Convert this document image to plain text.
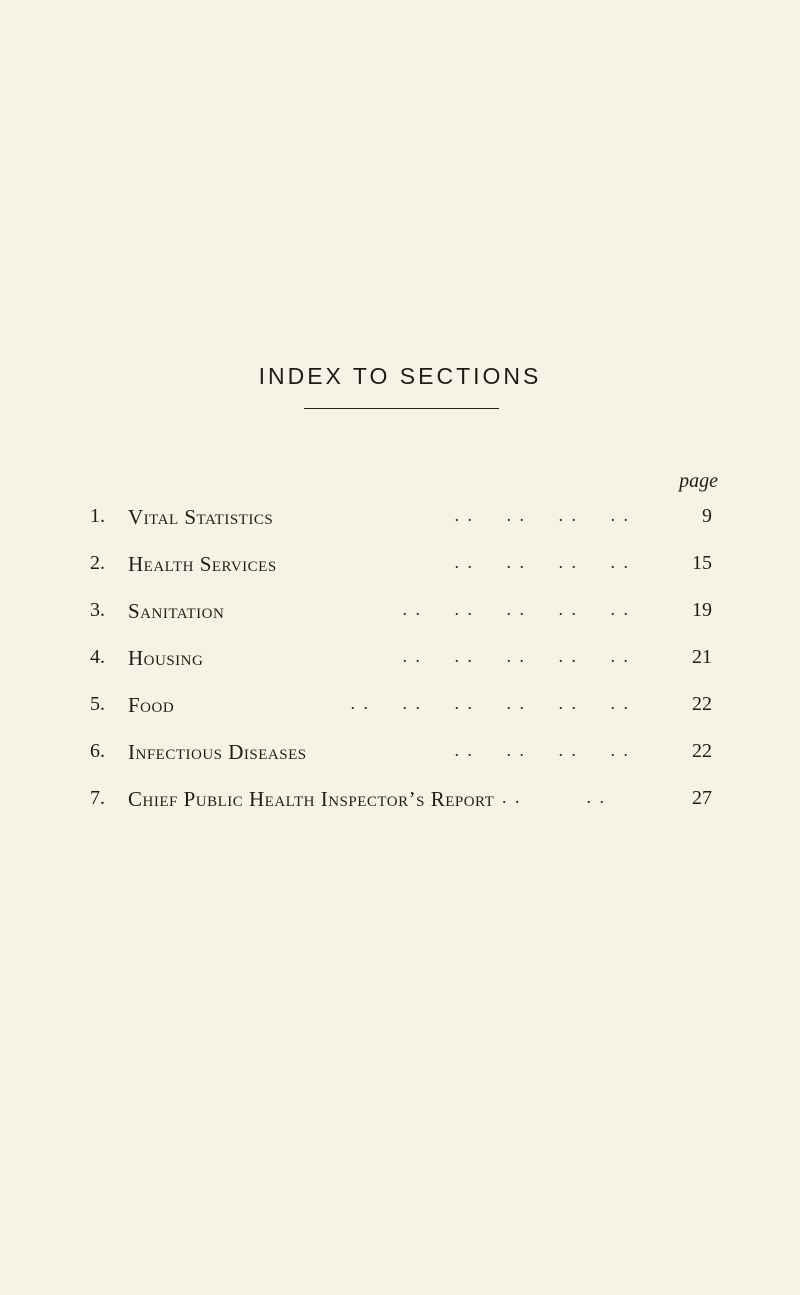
INDEX TO SECTIONS
page
1.	Vital Statistics	. .     . .     . .     . .	9
2.	Health Services	. .     . .     . .     . .	15
3.	Sanitation	. .     . .     . .     . .     . .	19
4.	Housing	. .     . .     . .     . .     . .	21
5.	Food	. .     . .     . .     . .     . .     . .	22
6.	Infectious Diseases	. .     . .     . .     . .	22
7.	Chief Public Health Inspector’s Report . .          . .	27
